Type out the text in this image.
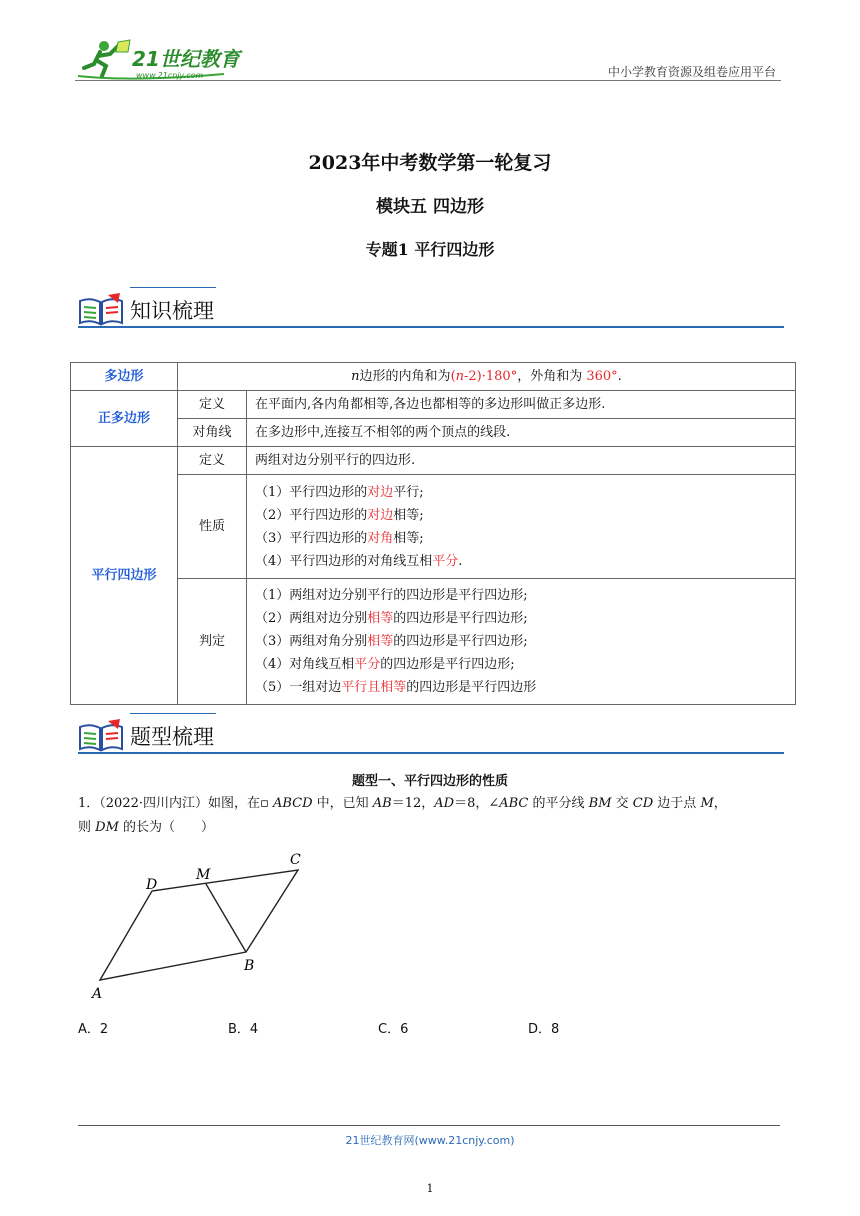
21世纪教育
www.21cnjy.com	中小学教育资源及组卷应用平台
2023年中考数学第一轮复习
模块五 四边形
专题1 平行四边形
知识梳理
多边形	n边形的内角和为(n-2)·180°，外角和为 360°.	
正多边形	定义	在平面内,各内角都相等,各边也都相等的多边形叫做正多边形.
	对角线	在多边形中,连接互不相邻的两个顶点的线段.
平行四边形	定义	两组对边分别平行的四边形.
	性质	（1）平行四边形的对边平行;
（2）平行四边形的对边相等;
（3）平行四边形的对角相等;
（4）平行四边形的对角线互相平分.

	判定	（1）两组对边分别平行的四边形是平行四边形;
（2）两组对边分别相等的四边形是平行四边形;
（3）两组对角分别相等的四边形是平行四边形;
（4）对角线互相平分的四边形是平行四边形;
（5）一组对边平行且相等的四边形是平行四边形
题型梳理
题型一、平行四边形的性质
1．（2022·四川内江）如图，在▫ ABCD 中，已知 AB＝12，AD＝8，∠ABC 的平分线 BM 交 CD 边于点 M，
则 DM 的长为（　　）
A
B
C
D
M
A．2	B．4	C．6	D．8
21世纪教育网(www.21cnjy.com)
1
